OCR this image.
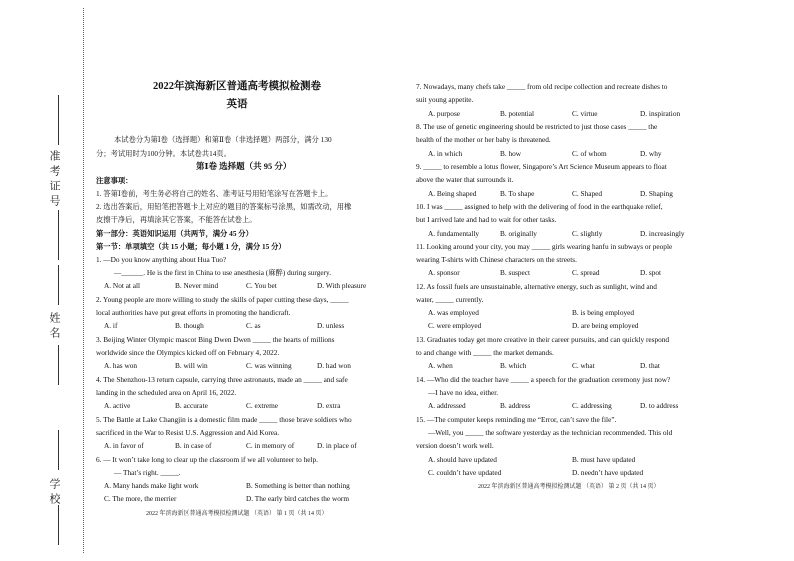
准考证号
姓名
学校
2022年滨海新区普通高考模拟检测卷
英语
本试卷分为第Ⅰ卷（选择题）和第Ⅱ卷（非选择题）两部分，满分 130
分；考试用时为100分钟。本试卷共14页。
第Ⅰ卷 选择题（共 95 分）
注意事项：
1. 答第Ⅰ卷前，考生务必将自己的姓名、准考证号用铅笔涂写在答题卡上。
2. 选出答案后，用铅笔把答题卡上对应的题目的答案标号涂黑，如需改动，用橡
皮擦干净后，再填涂其它答案，不能答在试卷上。
第一部分：英语知识运用（共两节，满分 45 分）
第一节：单项填空（共 15 小题；每小题 1 分，满分 15 分）
1. —Do you know anything about Hua Tuo?
—______. He is the first in China to use anesthesia (麻醉) during surgery.
A. Not at all	B. Never mind	C. You bet	D. With pleasure
2. Young people are more willing to study the skills of paper cutting these days, _____
local authorities have put great efforts in promoting the handicraft.
A. if	B. though	C. as	D. unless
3. Beijing Winter Olympic mascot Bing Dwen Dwen _____ the hearts of millions
worldwide since the Olympics kicked off on February 4, 2022.
A. has won	B. will win	C. was winning	D. had won
4. The Shenzhou-13 return capsule, carrying three astronauts, made an _____ and safe
landing in the scheduled area on April 16, 2022.
A. active	B. accurate	C. extreme	D. extra
5. The Battle at Lake Changjin is a domestic film made _____ those brave soldiers who
sacrificed in the War to Resist U.S. Aggression and Aid Korea.
A. in favor of	B. in case of	C. in memory of	D. in place of
6. — It won’t take long to clear up the classroom if we all volunteer to help.
— That’s right. _____.
A. Many hands make light work	B. Something is better than nothing
C. The more, the merrier	D. The early bird catches the worm
2022 年滨海新区普通高考模拟检测试题 （英语） 第 1 页（共 14 页）
7. Nowadays, many chefs take _____ from old recipe collection and recreate dishes to
suit young appetite.
A. purpose	B. potential	C. virtue	D. inspiration
8. The use of genetic engineering should be restricted to just those cases _____ the
health of the mother or her baby is threatened.
A. in which	B. how	C. of whom	D. why
9. _____ to resemble a lotus flower, Singapore’s Art Science Museum appears to float
above the water that surrounds it.
A. Being shaped	B. To shape	C. Shaped	D. Shaping
10. I was _____ assigned to help with the delivering of food in the earthquake relief,
but I arrived late and had to wait for other tasks.
A. fundamentally	B. originally	C. slightly	D. increasingly
11. Looking around your city, you may _____ girls wearing hanfu in subways or people
wearing T-shirts with Chinese characters on the streets.
A. sponsor	B. suspect	C. spread	D. spot
12. As fossil fuels are unsustainable, alternative energy, such as sunlight, wind and
water, _____ currently.
A. was employed	B. is being employed
C. were employed	D. are being employed
13. Graduates today get more creative in their career pursuits, and can quickly respond
to and change with _____ the market demands.
A. when	B. which	C. what	D. that
14. —Who did the teacher have _____ a speech for the graduation ceremony just now?
—I have no idea, either.
A. addressed	B. address	C. addressing	D. to address
15. —The computer keeps reminding me “Error, can’t save the file”.
—Well, you _____ the software yesterday as the technician recommended. This old
version doesn’t work well.
A. should have updated	B. must have updated
C. couldn’t have updated	D. needn’t have updated
2022 年滨海新区普通高考模拟检测试题 （英语） 第 2 页（共 14 页）
